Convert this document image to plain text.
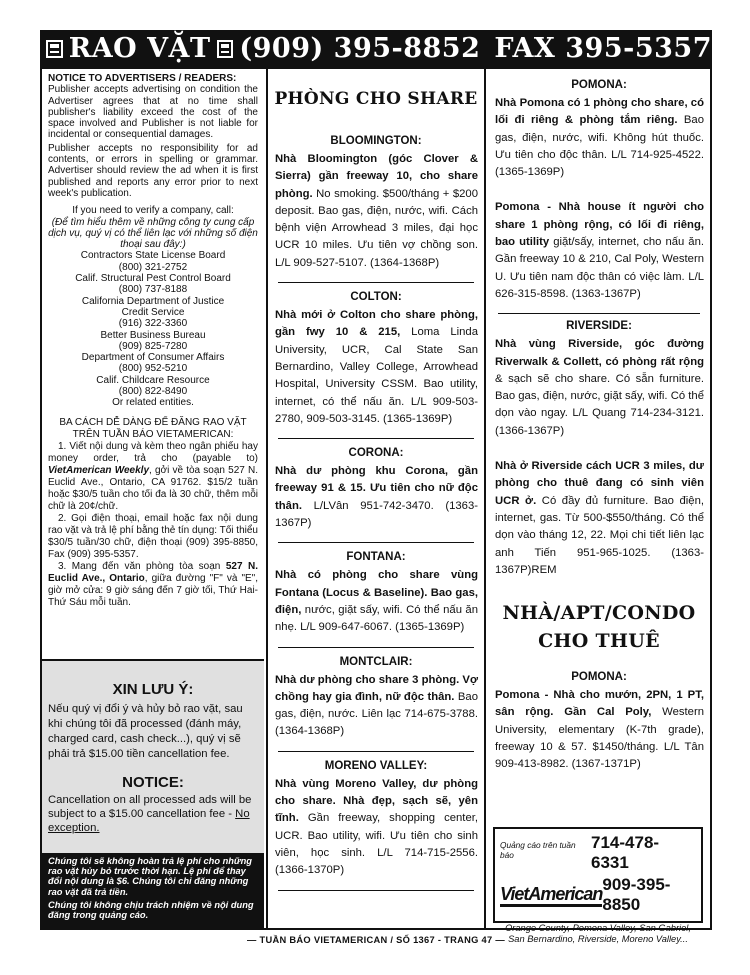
RAO VẶT (909) 395-8852 FAX 395-5357
NOTICE TO ADVERTISERS / READERS:

Publisher accepts advertising on condition the Advertiser agrees that at no time shall publisher's liability exceed the cost of the space involved and Publisher is not liable for incidental or consequential damages.

Publisher accepts no responsibility for ad contents, or errors in spelling or grammar. Advertiser should review the ad when it is first published and reports any error prior to next week's publication.

If you need to verify a company, call:
(Để tìm hiểu thêm về những công ty cung cấp dịch vụ, quý vị có thể liên lạc với những số điện thoại sau đây:)
Contractors State License Board
(800) 321-2752
Calif. Structural Pest Control Board
(800) 737-8188
California Department of Justice
Credit Service
(916) 322-3360
Better Business Bureau
(909) 825-7280
Department of Consumer Affairs
(800) 952-5210
Calif. Childcare Resource
(800) 822-8490
Or related entities.
BA CÁCH DỄ DÀNG ĐỂ ĐĂNG RAO VẶT TRÊN TUẦN BÁO VIETAMERICAN:

1. Viết nội dung và kèm theo ngân phiếu hay money order, trả cho (payable to) VietAmerican Weekly, gởi về tòa soạn 527 N. Euclid Ave., Ontario, CA 91762. $15/2 tuần hoặc $30/5 tuần cho tối đa là 30 chữ, thêm mỗi chữ là 20¢/chữ.

2. Gọi điện thoại, email hoặc fax nội dung rao vặt và trả lệ phí bằng thẻ tín dụng: Tối thiểu $30/5 tuần/30 chữ, điện thoại (909) 395-8850, Fax (909) 395-5357.

3. Mang đến văn phòng tòa soạn 527 N. Euclid Ave., Ontario, giữa đường "F" và "E", giờ mở cửa: 9 giờ sáng đến 7 giờ tối, Thứ Hai-Thứ Sáu mỗi tuần.

XIN LƯU Ý:
Nếu quý vị đổi ý và hủy bỏ rao vặt, sau khi chúng tôi đã processed (đánh máy, charged card, cash check...), quý vị sẽ phải trả $15.00 tiền cancellation fee.
NOTICE:
Cancellation on all processed ads will be subject to a $15.00 cancellation fee - No exception.

Chúng tôi sẽ không hoàn trả lệ phí cho những rao vặt hủy bỏ trước thời hạn. Lệ phí để thay đổi nội dung là $6. Chúng tôi chỉ đăng những rao vặt đã trả tiền.

Chúng tôi không chịu trách nhiệm về nội dung đăng trong quảng cáo.

PHÒNG CHO SHARE
BLOOMINGTON:
Nhà Bloomington (góc Clover & Sierra) gần freeway 10, cho share phòng. No smoking. $500/tháng + $200 deposit. Bao gas, điện, nước, wifi. Cách bệnh viện Arrowhead 3 miles, đại học UCR 10 miles. Ưu tiên vợ chồng son. L/L 909-527-5107. (1364-1368P)
COLTON:
Nhà mới ở Colton cho share phòng, gần fwy 10 & 215, Loma Linda University, UCR, Cal State San Bernardino, Valley College, Arrowhead Hospital, University CSSM. Bao utility, internet, có thể nấu ăn. L/L 909-503-2780, 909-503-3145. (1365-1369P)
CORONA:
Nhà dư phòng khu Corona, gần freeway 91 & 15. Ưu tiên cho nữ độc thân. L/LVân 951-742-3470. (1363-1367P)
FONTANA:
Nhà có phòng cho share vùng Fontana (Locus & Baseline). Bao gas, điện, nước, giặt sấy, wifi. Có thể nấu ăn nhẹ. L/L 909-647-6067. (1365-1369P)
MONTCLAIR:
Nhà dư phòng cho share 3 phòng. Vợ chồng hay gia đình, nữ độc thân. Bao gas, điện, nước. Liên lạc 714-675-3788. (1364-1368P)
MORENO VALLEY:
Nhà vùng Moreno Valley, dư phòng cho share. Nhà đẹp, sạch sẽ, yên tĩnh. Gần freeway, shopping center, UCR. Bao utility, wifi. Ưu tiên cho sinh viên, học sinh. L/L 714-715-2556. (1366-1370P)
POMONA:
Nhà Pomona có 1 phòng cho share, có lối đi riêng & phòng tắm riêng. Bao gas, điện, nước, wifi. Không hút thuốc. Ưu tiên cho độc thân. L/L 714-925-4522. (1365-1369P)
Pomona - Nhà house ít người cho share 1 phòng rộng, có lối đi riêng, bao utility giặt/sấy, internet, cho nấu ăn. Gần freeway 10 & 210, Cal Poly, Western U. Ưu tiên nam độc thân có việc làm. L/L 626-315-8598. (1363-1367P)
RIVERSIDE:
Nhà vùng Riverside, góc đường Riverwalk & Collett, có phòng rất rộng & sạch sẽ cho share. Có sẵn furniture. Bao gas, điện, nước, giặt sấy, wifi. Có thể dọn vào ngay. L/L Quang 714-234-3121. (1366-1367P)
Nhà ở Riverside cách UCR 3 miles, dư phòng cho thuê đang có sinh viên UCR ở. Có đầy đủ furniture. Bao điện, internet, gas. Từ 500-$550/tháng. Có thể dọn vào tháng 12, 22. Mọi chi tiết liên lạc anh Tiến 951-965-1025. (1363-1367P)REM
NHÀ/APT/CONDO
CHO THUÊ
POMONA:
Pomona - Nhà cho mướn, 2PN, 1 PT, sân rộng. Gần Cal Poly, Western University, elementary (K-7th grade), freeway 10 & 57. $1450/tháng. L/L Tân 909-413-8982. (1367-1371P)
Quảng cáo trên tuần báo
714-478-6331
VietAmerican 909-395-8850
Orange County, Pomona Valley, San Gabriel, San Bernardino, Riverside, Moreno Valley...
— TUẦN BÁO VIETAMERICAN / SỐ 1367 - TRANG 47 —
